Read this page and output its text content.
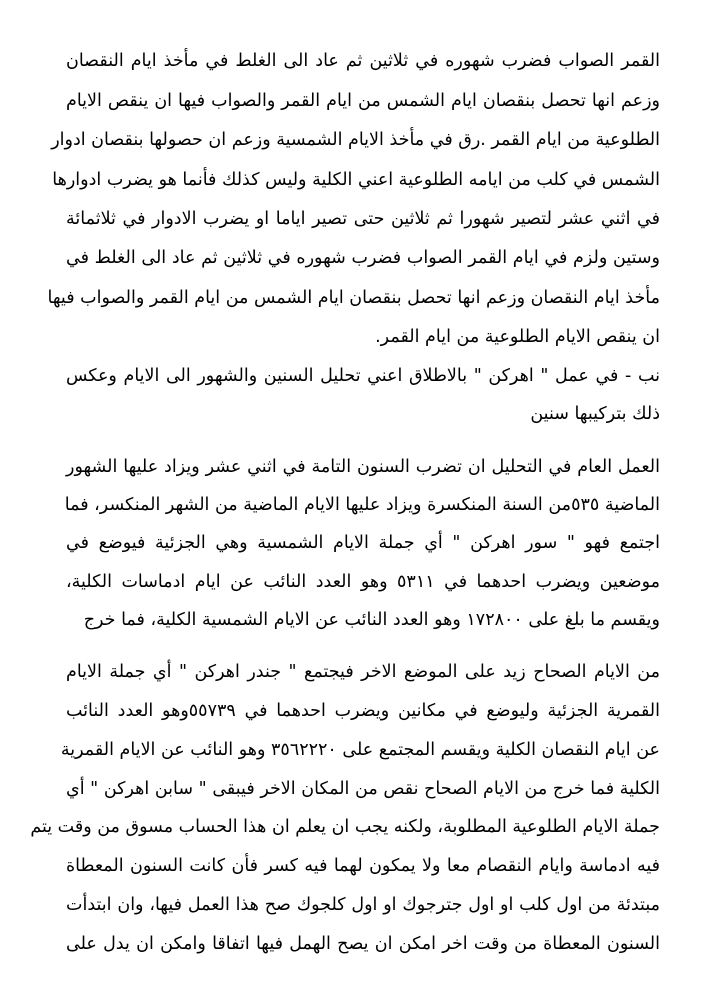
القمر الصواب فضرب شهوره في ثلاثين ثم عاد الى الغلط في مأخذ ايام النقصان
وزعم انها تحصل بنقصان ايام الشمس من ايام القمر والصواب فيها ان ينقص الايام
الطلوعية من ايام القمر .رق في مأخذ الايام الشمسية وزعم ان حصولها بنقصان ادوار
الشمس في كلب من ايامه الطلوعية اعني الكلية وليس كذلك فأنما هو يضرب ادوارها
في اثني عشر لتصير شهورا ثم ثلاثين حتى تصير اياما او يضرب الادوار في ثلاثمائة
وستين ولزم في ايام القمر الصواب فضرب شهوره في ثلاثين ثم عاد الى الغلط في
مأخذ ايام النقصان وزعم انها تحصل بنقصان ايام الشمس من ايام القمر والصواب فيها
ان ينقص الايام الطلوعية من ايام القمر.
نب - في عمل " اهركن " بالاطلاق اعني تحليل السنين والشهور الى الايام وعكس
ذلك بتركيبها سنين
العمل العام في التحليل ان تضرب السنون التامة في اثني عشر ويزاد عليها الشهور
الماضية ٥٣٥من السنة المنكسرة ويزاد عليها الايام الماضية من الشهر المنكسر، فما
اجتمع فهو " سور اهركن " أي جملة الايام الشمسية وهي الجزئية فيوضع في
موضعين ويضرب احدهما في ٥٣١١ وهو العدد النائب عن ايام ادماسات الكلية،
ويقسم ما بلغ على ١٧٢٨٠٠ وهو العدد النائب عن الايام الشمسية الكلية، فما خرج
من الايام الصحاح زيد على الموضع الاخر فيجتمع " جندر اهركن " أي جملة الايام
القمرية الجزئية وليوضع في مكانين ويضرب احدهما في ٥٥٧٣٩وهو العدد النائب
عن ايام النقصان الكلية ويقسم المجتمع على ٣٥٦٢٢٢٠ وهو النائب عن الايام القمرية
الكلية فما خرج من الايام الصحاح نقص من المكان الاخر فيبقى " سابن اهركن " أي
جملة الايام الطلوعية المطلوبة، ولكنه يجب ان يعلم ان هذا الحساب مسوق من وقت يتم
فيه ادماسة وايام النقصام معا ولا يمكون لهما فيه كسر فأن كانت السنون المعطاة
مبتدئة من اول كلب او اول جترجوك او اول كلجوك صح هذا العمل فيها، وان ابتدأت
السنون المعطاة من وقت اخر امكن ان يصح الهمل فيها اتفاقا وامكن ان يدل على
